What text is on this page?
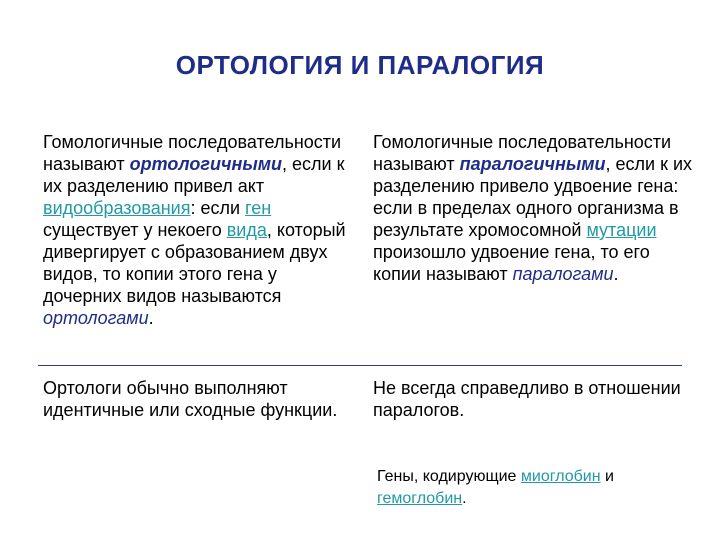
ОРТОЛОГИЯ И ПАРАЛОГИЯ
Гомологичные последовательности называют ортологичными, если к их разделению привел акт видообразования: если ген существует у некоего вида, который дивергирует с образованием двух видов, то копии этого гена у дочерних видов называются ортологами.
Гомологичные последовательности называют паралогичными, если к их разделению привело удвоение гена: если в пределах одного организма в результате хромосомной мутации произошло удвоение гена, то его копии называют паралогами.
Ортологи обычно выполняют идентичные или сходные функции.
Не всегда справедливо в отношении паралогов.
Гены, кодирующие миоглобин и гемоглобин.
